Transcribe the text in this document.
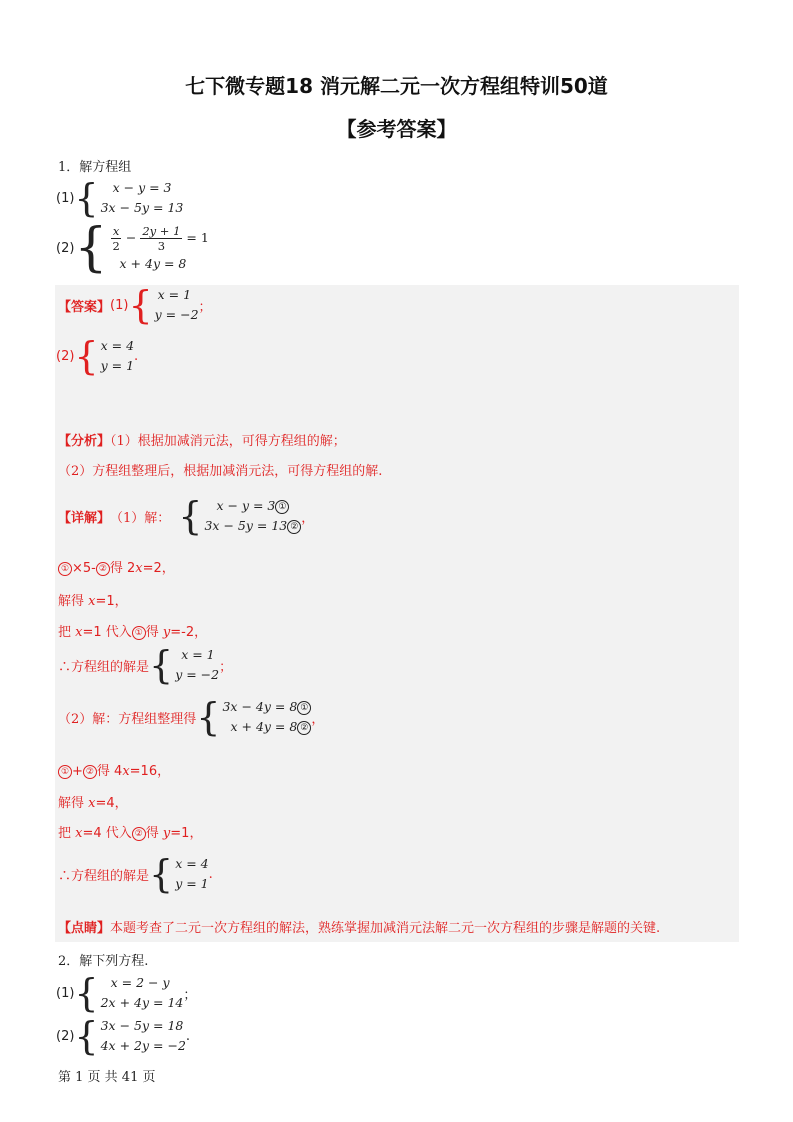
七下微专题18 消元解二元一次方程组特训50道
【参考答案】
1．解方程组
(1) {	x − y = 3
3x − 5y = 13
(2) { $\frac{x}{2} - \frac{2y + 1}{3} = 1$
x + 4y = 8
【答案】 (1) { x = 1
y = −2 ；
(2) { x = 4
y = 1
.
【分析】（1）根据加减消元法，可得方程组的解；
（2）方程组整理后，根据加减消元法，可得方程组的解.
【详解】 （1）解： {	x − y = 3 ①
3x − 5y = 13 ②
，
① ×5- ② 得 2x=2，
解得 x=1，
把 x=1 代入 ① 得 y=-2，
∴方程组的解是 { x = 1
y = −2 ；
（2）解：方程组整理得 { 3x − 4y = 8 ①
x + 4y = 8 ②
，
① + ② 得 4x=16，
解得 x=4，
把 x=4 代入 ② 得 y=1，
∴方程组的解是 { x = 4
y = 1
.
【点睛】本题考查了二元一次方程组的解法，熟练掌握加减消元法解二元一次方程组的步骤是解题的关键.
2．解下列方程.
(1) { x = 2 − y
2x + 4y = 14 ；
(2) { 3x − 5y = 18
4x + 2y = −2
.
第 1 页 共 41 页
